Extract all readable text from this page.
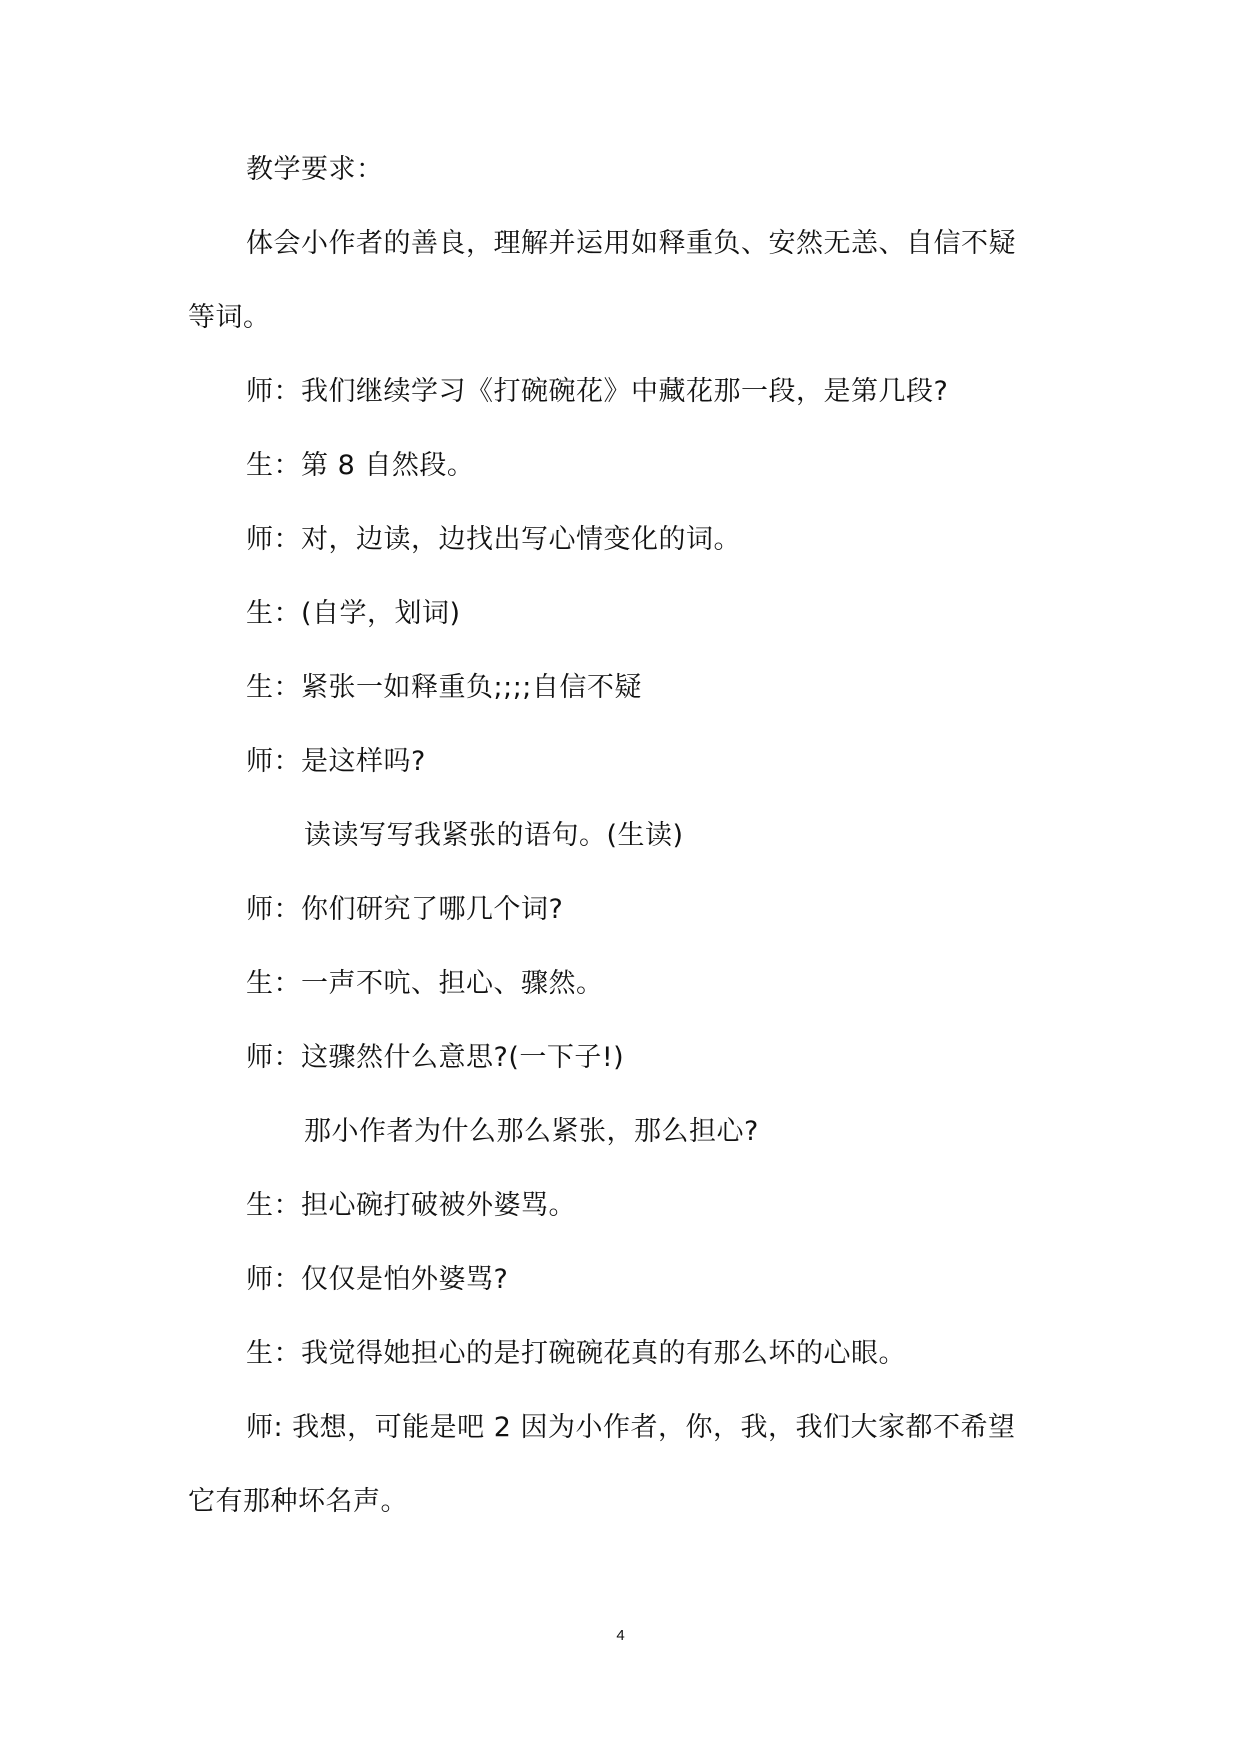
教学要求：
体会小作者的善良，理解并运用如释重负、安然无恙、自信不疑
等词。
师：我们继续学习《打碗碗花》中藏花那一段，是第几段?
生：第 8 自然段。
师：对，边读，边找出写心情变化的词。
生：(自学，划词)
生：紧张一如释重负;;;;自信不疑
师：是这样吗?
读读写写我紧张的语句。(生读)
师：你们研究了哪几个词?
生：一声不吭、担心、骤然。
师：这骤然什么意思?(一下子!)
那小作者为什么那么紧张，那么担心?
生：担心碗打破被外婆骂。
师：仅仅是怕外婆骂?
生：我觉得她担心的是打碗碗花真的有那么坏的心眼。
师: 我想，可能是吧 2 因为小作者，你，我，我们大家都不希望
它有那种坏名声。
4
